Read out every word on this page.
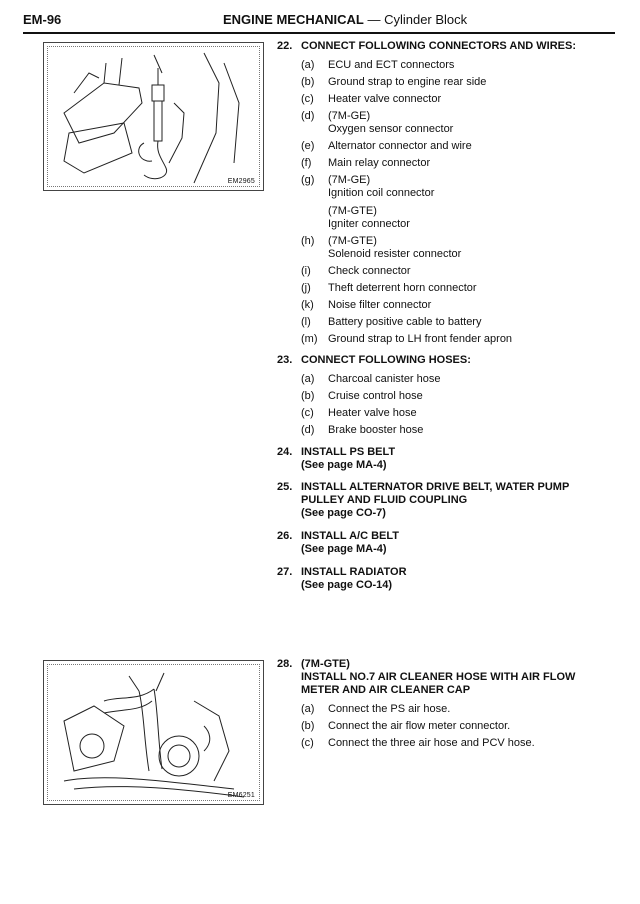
EM-96	ENGINE MECHANICAL — Cylinder Block
EM2965
EM6251
22. CONNECT FOLLOWING CONNECTORS AND WIRES:
(a) ECU and ECT connectors
(b) Ground strap to engine rear side
(c) Heater valve connector
(d) (7M-GE)
Oxygen sensor connector
(e) Alternator connector and wire
(f) Main relay connector
(g) (7M-GE)
Ignition coil connector
(7M-GTE)
Igniter connector
(h) (7M-GTE)
Solenoid resister connector
(i) Check connector
(j) Theft deterrent horn connector
(k) Noise filter connector
(l) Battery positive cable to battery
(m) Ground strap to LH front fender apron
23. CONNECT FOLLOWING HOSES:
(a) Charcoal canister hose
(b) Cruise control hose
(c) Heater valve hose
(d) Brake booster hose
24. INSTALL PS BELT
(See page MA-4)
25. INSTALL ALTERNATOR DRIVE BELT, WATER PUMP
PULLEY AND FLUID COUPLING
(See page CO-7)
26. INSTALL A/C BELT
(See page MA-4)
27. INSTALL RADIATOR
(See page CO-14)
28. (7M-GTE)
INSTALL NO.7 AIR CLEANER HOSE WITH AIR FLOW
METER AND AIR CLEANER CAP
(a) Connect the PS air hose.
(b) Connect the air flow meter connector.
(c) Connect the three air hose and PCV hose.
